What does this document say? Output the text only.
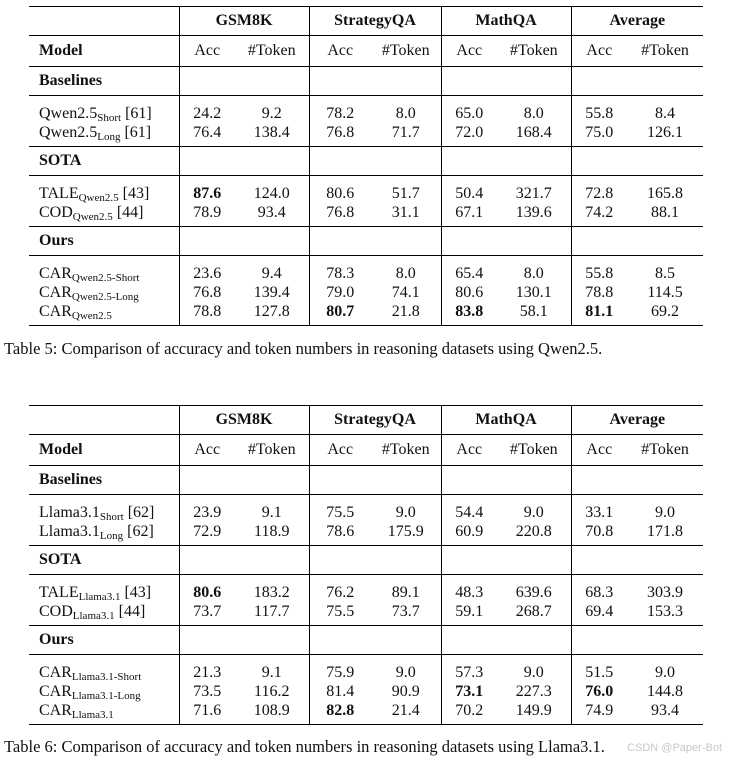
	GSM8K		StrategyQA		MathQA		Average	
Model	Acc	#Token	Acc	#Token	Acc	#Token	Acc	#Token
Baselines								
$Qwen2.5_{Short}$ [61]	24.2	9.2	78.2	8.0	65.0	8.0	55.8	8.4
$Qwen2.5_{Long}$ [61]	76.4	138.4	76.8	71.7	72.0	168.4	75.0	126.1
SOTA								
$TALE_{Qwen2.5}$ [43]	87.6	124.0	80.6	51.7	50.4	321.7	72.8	165.8
$COD_{Qwen2.5}$ [44]	78.9	93.4	76.8	31.1	67.1	139.6	74.2	88.1
Ours								
$CAR_{Qwen2.5-Short}$	23.6	9.4	78.3	8.0	65.4	8.0	55.8	8.5
$CAR_{Qwen2.5-Long}$	76.8	139.4	79.0	74.1	80.6	130.1	78.8	114.5
$CAR_{Qwen2.5}$	78.8	127.8	80.7	21.8	83.8	58.1	81.1	69.2
Table 5: Comparison of accuracy and token numbers in reasoning datasets using Qwen2.5.
	GSM8K		StrategyQA		MathQA		Average	
Model	Acc	#Token	Acc	#Token	Acc	#Token	Acc	#Token
Baselines								
$Llama3.1_{Short}$ [62]	23.9	9.1	75.5	9.0	54.4	9.0	33.1	9.0
$Llama3.1_{Long}$ [62]	72.9	118.9	78.6	175.9	60.9	220.8	70.8	171.8
SOTA								
$TALE_{Llama3.1}$ [43]	80.6	183.2	76.2	89.1	48.3	639.6	68.3	303.9
$COD_{Llama3.1}$ [44]	73.7	117.7	75.5	73.7	59.1	268.7	69.4	153.3
Ours								
$CAR_{Llama3.1-Short}$	21.3	9.1	75.9	9.0	57.3	9.0	51.5	9.0
$CAR_{Llama3.1-Long}$	73.5	116.2	81.4	90.9	73.1	227.3	76.0	144.8
$CAR_{Llama3.1}$	71.6	108.9	82.8	21.4	70.2	149.9	74.9	93.4
Table 6: Comparison of accuracy and token numbers in reasoning datasets using Llama3.1. CSDN @Paper-Bot
